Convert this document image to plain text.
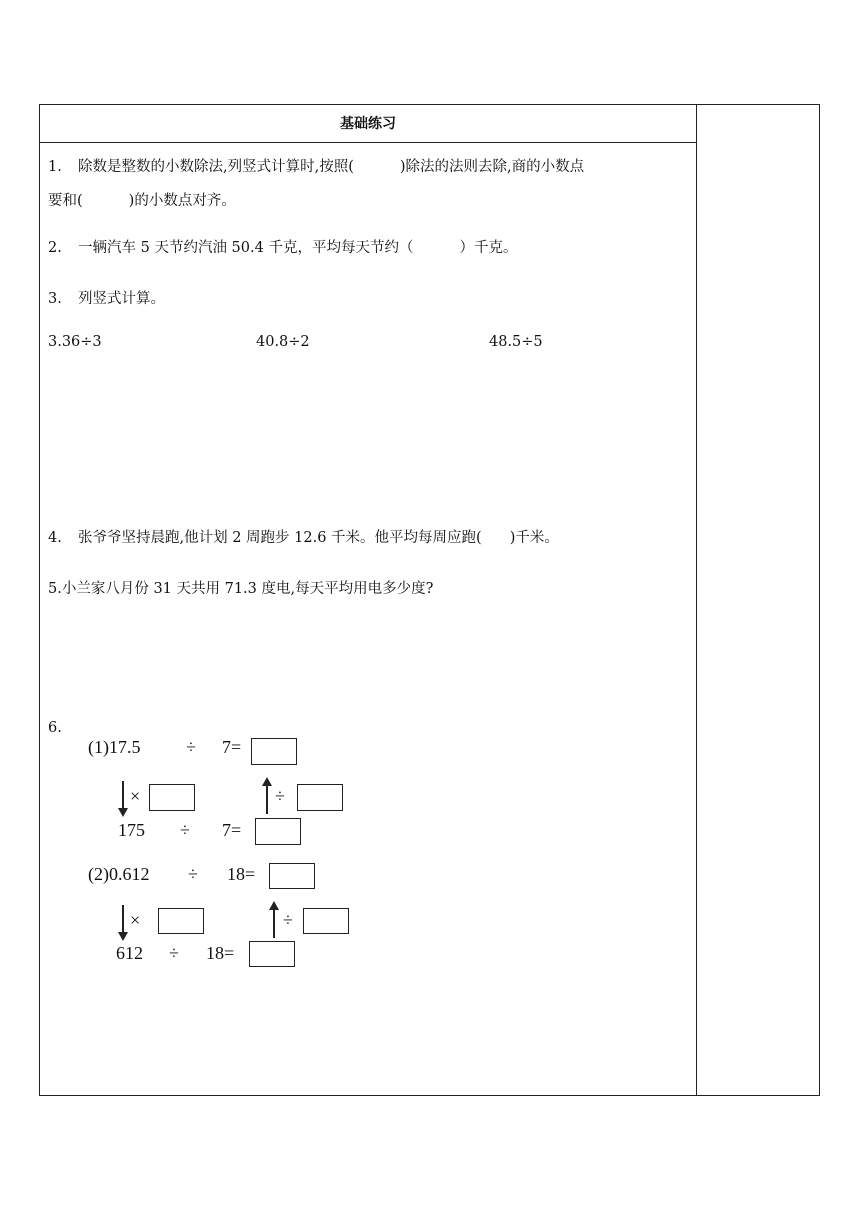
基础练习
1. 除数是整数的小数除法,列竖式计算时,按照(	)除法的法则去除,商的小数点
要和(	)的小数点对齐。
2. 一辆汽车 5 天节约汽油 50.4 千克，平均每天节约（	）千克。
3. 列竖式计算。
3.36÷3	40.8÷2	48.5÷5
4. 张爷爷坚持晨跑,他计划 2 周跑步 12.6 千米。他平均每周应跑( )千米。
5.小兰家八月份 31 天共用 71.3 度电,每天平均用电多少度?
6.
(1)17.5	÷ 7=
×	÷
175 ÷ 7=
(2)0.612 ÷ 18=
×	÷
612 ÷ 18=
